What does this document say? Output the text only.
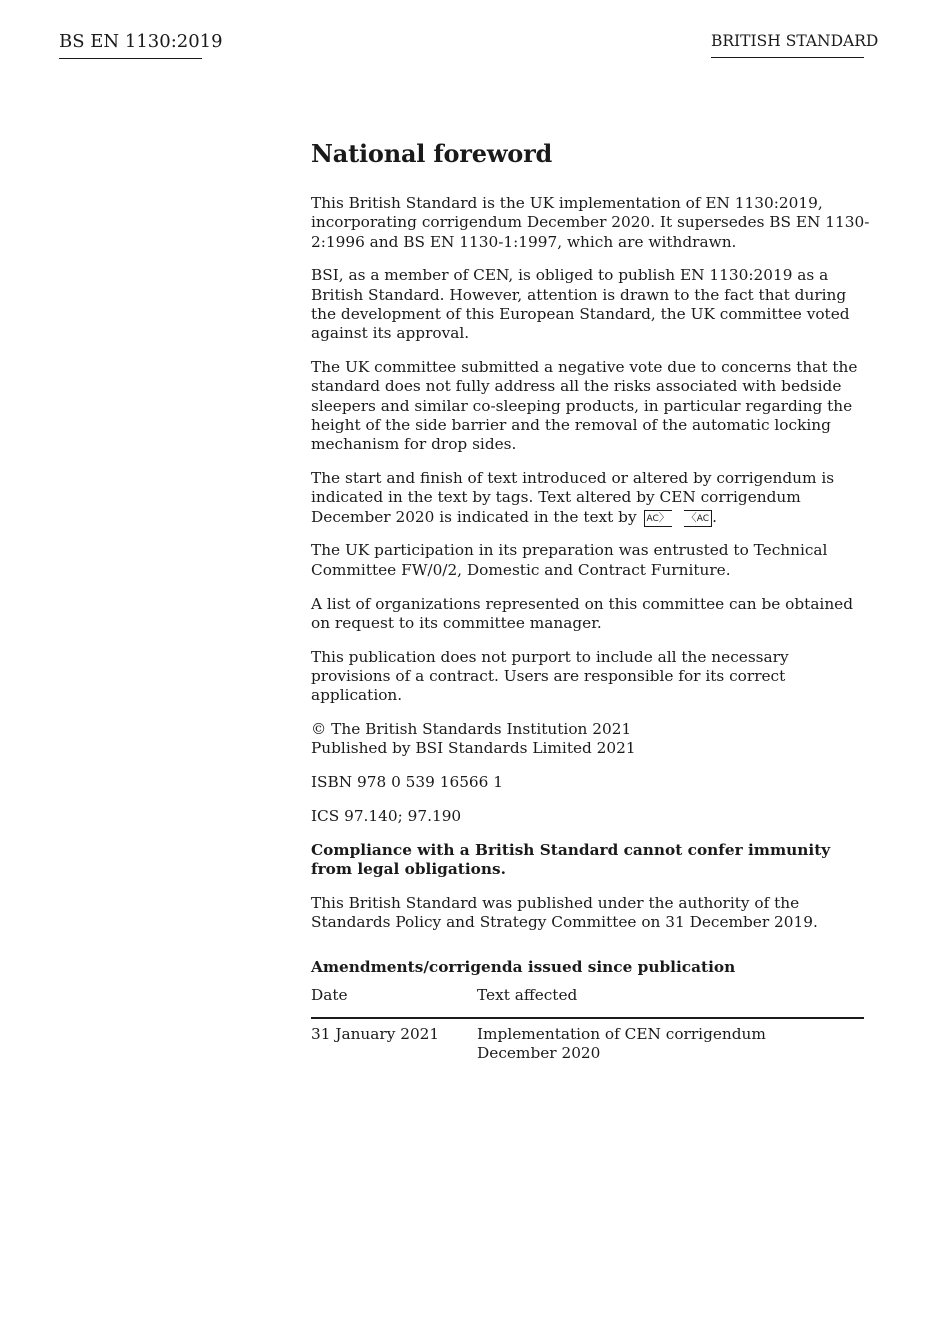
BS EN 1130:2019	BRITISH STANDARD
National foreword

This British Standard is the UK implementation of EN 1130:2019, incorporating corrigendum December 2020. It supersedes BS EN 1130-2:1996 and BS EN 1130-1:1997, which are withdrawn.

BSI, as a member of CEN, is obliged to publish EN 1130:2019 as a British Standard. However, attention is drawn to the fact that during the development of this European Standard, the UK committee voted against its approval.

The UK committee submitted a negative vote due to concerns that the standard does not fully address all the risks associated with bedside sleepers and similar co-sleeping products, in particular regarding the height of the side barrier and the removal of the automatic locking mechanism for drop sides.

The start and finish of text introduced or altered by corrigendum is indicated in the text by tags. Text altered by CEN corrigendum December 2020 is indicated in the text by AC〉 〈AC .

The UK participation in its preparation was entrusted to Technical Committee FW/0/2, Domestic and Contract Furniture.

A list of organizations represented on this committee can be obtained on request to its committee manager.

This publication does not purport to include all the necessary provisions of a contract. Users are responsible for its correct application.

© The British Standards Institution 2021
Published by BSI Standards Limited 2021

ISBN 978 0 539 16566 1

ICS 97.140; 97.190

Compliance with a British Standard cannot confer immunity from legal obligations.

This British Standard was published under the authority of the Standards Policy and Strategy Committee on 31 December 2019.

Amendments/corrigenda issued since publication
Date	Text affected
31 January 2021	Implementation of CEN corrigendum December 2020
